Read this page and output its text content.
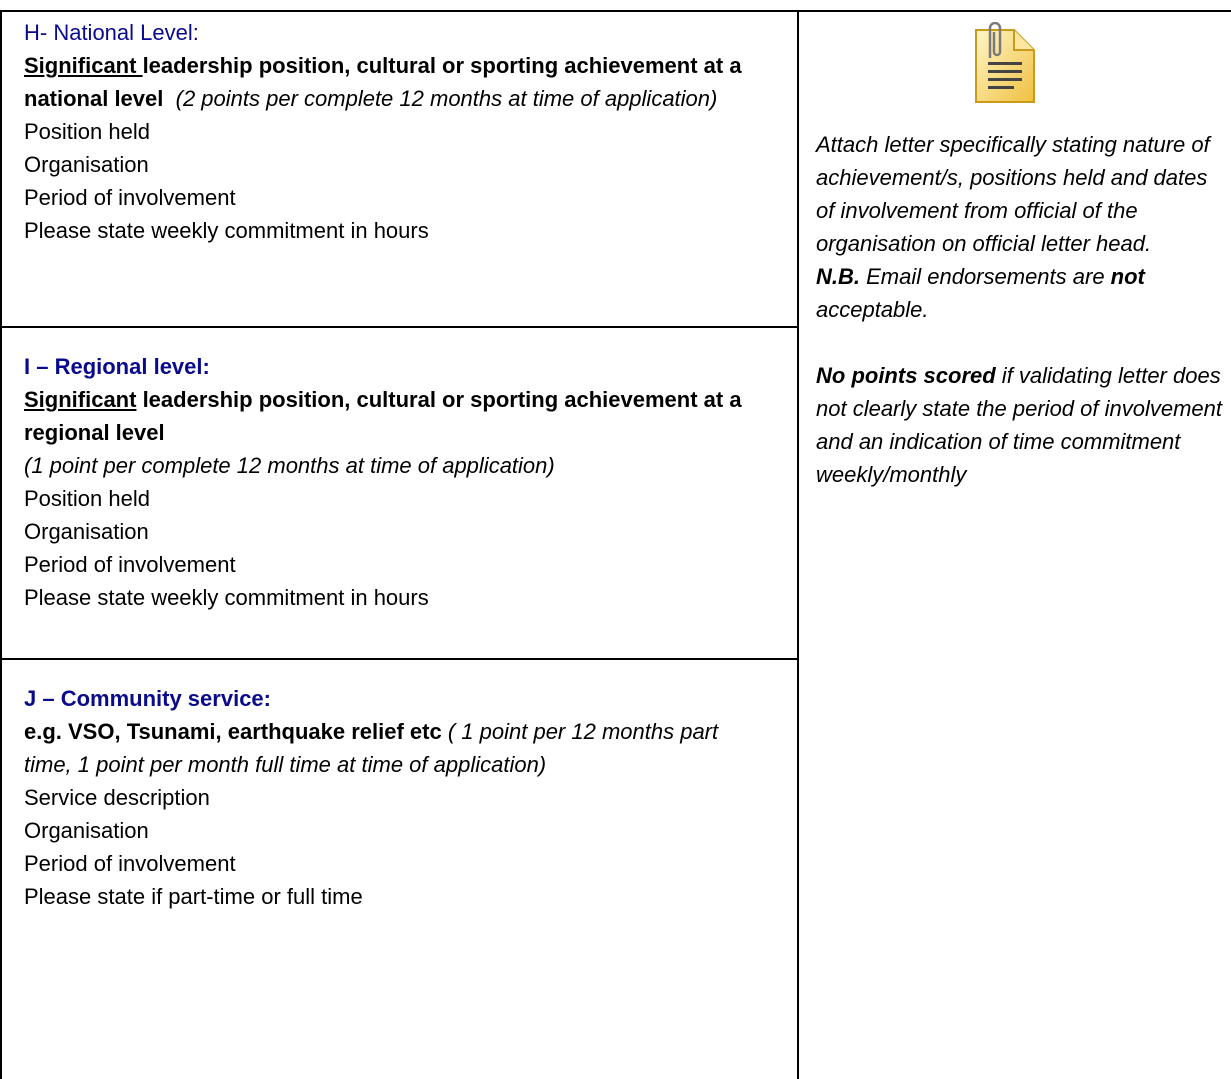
H- National Level:

Significant leadership position, cultural or sporting achievement at a national level (2 points per complete 12 months at time of application)

Position held

Organisation

Period of involvement

Please state weekly commitment in hours

I – Regional level:

Significant leadership position, cultural or sporting achievement at a regional level

(1 point per complete 12 months at time of application)

Position held

Organisation

Period of involvement

Please state weekly commitment in hours

J – Community service:

e.g. VSO, Tsunami, earthquake relief etc ( 1 point per 12 months part time, 1 point per month full time at time of application)

Service description

Organisation

Period of involvement

Please state if part-time or full time

Attach letter specifically stating nature of achievement/s, positions held and dates of involvement from official of the organisation on official letter head.

N.B. Email endorsements are not acceptable.

No points scored if validating letter does not clearly state the period of involvement and an indication of time commitment weekly/monthly
